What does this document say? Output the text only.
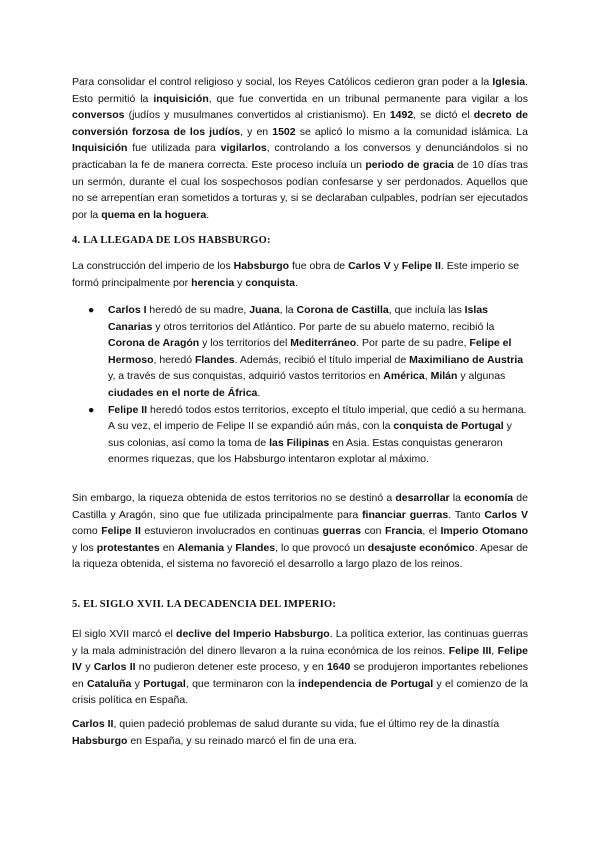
Para consolidar el control religioso y social, los Reyes Católicos cedieron gran poder a la Iglesia. Esto permitió la inquisición, que fue convertida en un tribunal permanente para vigilar a los conversos (judíos y musulmanes convertidos al cristianismo). En 1492, se dictó el decreto de conversión forzosa de los judíos, y en 1502 se aplicó lo mismo a la comunidad islámica. La Inquisición fue utilizada para vigilarlos, controlando a los conversos y denunciándolos si no practicaban la fe de manera correcta. Este proceso incluía un periodo de gracia de 10 días tras un sermón, durante el cual los sospechosos podían confesarse y ser perdonados. Aquellos que no se arrepentían eran sometidos a torturas y, si se declaraban culpables, podrían ser ejecutados por la quema en la hoguera.

4. LA LLEGADA DE LOS HABSBURGO:

La construcción del imperio de los Habsburgo fue obra de Carlos V y Felipe II. Este imperio se formó principalmente por herencia y conquista.

● Carlos I heredó de su madre, Juana, la Corona de Castilla, que incluía las Islas Canarias y otros territorios del Atlántico. Por parte de su abuelo materno, recibió la Corona de Aragón y los territorios del Mediterráneo. Por parte de su padre, Felipe el Hermoso, heredó Flandes. Además, recibió el título imperial de Maximiliano de Austria y, a través de sus conquistas, adquirió vastos territorios en América, Milán y algunas ciudades en el norte de África.
● Felipe II heredó todos estos territorios, excepto el título imperial, que cedió a su hermana. A su vez, el imperio de Felipe II se expandió aún más, con la conquista de Portugal y sus colonias, así como la toma de las Filipinas en Asia. Estas conquistas generaron enormes riquezas, que los Habsburgo intentaron explotar al máximo.

Sin embargo, la riqueza obtenida de estos territorios no se destinó a desarrollar la economía de Castilla y Aragón, sino que fue utilizada principalmente para financiar guerras. Tanto Carlos V como Felipe II estuvieron involucrados en continuas guerras con Francia, el Imperio Otomano y los protestantes en Alemania y Flandes, lo que provocó un desajuste económico. Apesar de la riqueza obtenida, el sistema no favoreció el desarrollo a largo plazo de los reinos.

5. EL SIGLO XVII. LA DECADENCIA DEL IMPERIO:

El siglo XVII marcó el declive del Imperio Habsburgo. La política exterior, las continuas guerras y la mala administración del dinero llevaron a la ruina económica de los reinos. Felipe III, Felipe IV y Carlos II no pudieron detener este proceso, y en 1640 se produjeron importantes rebeliones en Cataluña y Portugal, que terminaron con la independencia de Portugal y el comienzo de la crisis política en España.

Carlos II, quien padeció problemas de salud durante su vida, fue el último rey de la dinastía Habsburgo en España, y su reinado marcó el fin de una era.
